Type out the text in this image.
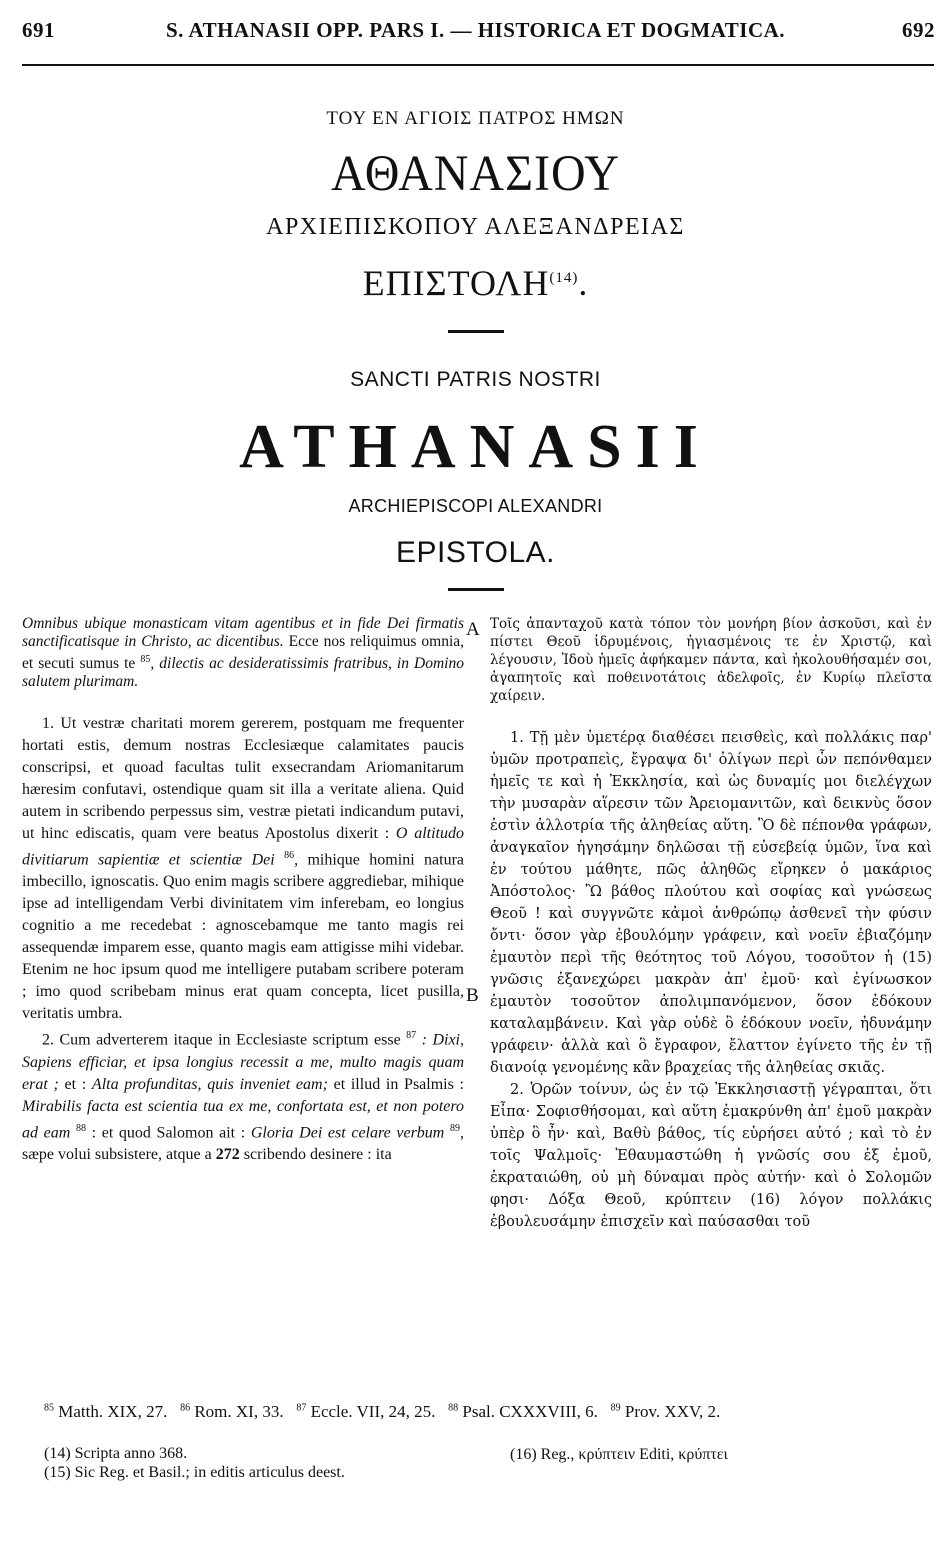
691	S. ATHANASII OPP. PARS I. — HISTORICA ET DOGMATICA.	692
ΤΟΥ ΕΝ ΑΓΙΟΙΣ ΠΑΤΡΟΣ ΗΜΩΝ
ΑΘΑΝΑΣΙΟΥ
ΑΡΧΙΕΠΙΣΚΟΠΟΥ ΑΛΕΞΑΝΔΡΕΙΑΣ
ΕΠΙΣΤΟΛΗ$^{(14)}$.
SANCTI PATRIS NOSTRI
ATHANASII
ARCHIEPISCOPI ALEXANDRI
EPISTOLA.
A
B

Omnibus ubique monasticam vitam agentibus et in fide Dei firmatis sanctificatisque in Christo, ac dicentibus. Ecce nos reliquimus omnia, et secuti sumus te $^{85}$, dilectis ac desideratissimis fratribus, in Domino salutem plurimam.

1. Ut vestræ charitati morem gererem, postquam me frequenter hortati estis, demum nostras Ecclesiæque calamitates paucis conscripsi, et quoad facultas tulit exsecrandam Ariomanitarum hæresim confutavi, ostendique quam sit illa a veritate aliena. Quid autem in scribendo perpessus sim, vestræ pietati indicandum putavi, ut hinc ediscatis, quam vere beatus Apostolus dixerit : O altitudo divitiarum sapientiæ et scientiæ Dei $^{86}$, mihique homini natura imbecillo, ignoscatis. Quo enim magis scribere aggrediebar, mihique ipse ad intelligendam Verbi divinitatem vim inferebam, eo longius cognitio a me recedebat : agnoscebamque me tanto magis rei assequendæ imparem esse, quanto magis eam attigisse mihi videbar. Etenim ne hoc ipsum quod me intelligere putabam scribere poteram ; imo quod scribebam minus erat quam concepta, licet pusilla, veritatis umbra.

2. Cum adverterem itaque in Ecclesiaste scriptum esse $^{87}$ : Dixi, Sapiens efficiar, et ipsa longius recessit a me, multo magis quam erat ; et : Alta profunditas, quis inveniet eam; et illud in Psalmis : Mirabilis facta est scientia tua ex me, confortata est, et non potero ad eam $^{88}$ : et quod Salomon ait : Gloria Dei est celare verbum $^{89}$, sæpe volui subsistere, atque a 272 scribendo desinere : ita

Τοῖς ἀπανταχοῦ κατὰ τόπον τὸν μονήρη βίον ἀσκοῦσι, καὶ ἐν πίστει Θεοῦ ἱδρυμένοις, ἡγιασμένοις τε ἐν Χριστῷ, καὶ λέγουσιν, Ἰδοὺ ἡμεῖς ἀφήκαμεν πάντα, καὶ ἠκολουθήσαμέν σοι, ἀγαπητοῖς καὶ ποθεινοτάτοις ἀδελφοῖς, ἐν Κυρίῳ πλεῖστα χαίρειν.

1. Τῇ μὲν ὑμετέρᾳ διαθέσει πεισθεὶς, καὶ πολλάκις παρ' ὑμῶν προτραπεὶς, ἔγραψα δι' ὀλίγων περὶ ὧν πεπόνθαμεν ἡμεῖς τε καὶ ἡ Ἐκκλησία, καὶ ὡς δυναμίς μοι διελέγχων τὴν μυσαρὰν αἵρεσιν τῶν Ἀρειομανιτῶν, καὶ δεικνὺς ὅσον ἐστὶν ἀλλοτρία τῆς ἀληθείας αὕτη. Ὃ δὲ πέπονθα γράφων, ἀναγκαῖον ἡγησάμην δηλῶσαι τῇ εὐσεβείᾳ ὑμῶν, ἵνα καὶ ἐν τούτου μάθητε, πῶς ἀληθῶς εἴρηκεν ὁ μακάριος Ἀπόστολος· Ὢ βάθος πλούτου καὶ σοφίας καὶ γνώσεως Θεοῦ ! καὶ συγγνῶτε κἀμοὶ ἀνθρώπῳ ἀσθενεῖ τὴν φύσιν ὄντι· ὅσον γὰρ ἐβουλόμην γράφειν, καὶ νοεῖν ἐβιαζόμην ἐμαυτὸν περὶ τῆς θεότητος τοῦ Λόγου, τοσοῦτον ἡ (15) γνῶσις ἐξανεχώρει μακρὰν ἀπ' ἐμοῦ· καὶ ἐγίνωσκον ἐμαυτὸν τοσοῦτον ἀπολιμπανόμενον, ὅσον ἐδόκουν καταλαμβάνειν. Καὶ γὰρ οὐδὲ ὃ ἐδόκουν νοεῖν, ἠδυνάμην γράφειν· ἀλλὰ καὶ ὃ ἔγραφον, ἔλαττον ἐγίνετο τῆς ἐν τῇ διανοίᾳ γενομένης κἂν βραχείας τῆς ἀληθείας σκιᾶς.

2. Ὁρῶν τοίνυν, ὡς ἐν τῷ Ἐκκλησιαστῇ γέγραπται, ὅτι Εἶπα· Σοφισθήσομαι, καὶ αὕτη ἐμακρύνθη ἀπ' ἐμοῦ μακρὰν ὑπὲρ ὃ ἦν· καὶ, Βαθὺ βάθος, τίς εὑρήσει αὐτό ; καὶ τὸ ἐν τοῖς Ψαλμοῖς· Ἐθαυμαστώθη ἡ γνῶσίς σου ἐξ ἐμοῦ, ἐκραταιώθη, οὐ μὴ δύναμαι πρὸς αὐτήν· καὶ ὁ Σολομῶν φησι· Δόξα Θεοῦ, κρύπτειν (16) λόγον πολλάκις ἐβουλευσάμην ἐπισχεῖν καὶ παύσασθαι τοῦ

$^{85}$ Matth. XIX, 27. $^{86}$ Rom. XI, 33. $^{87}$ Eccle. VII, 24, 25. $^{88}$ Psal. CXXXVIII, 6. $^{89}$ Prov. XXV, 2.
(14) Scripta anno 368.
(15) Sic Reg. et Basil.; in editis articulus deest.
(16) Reg., κρύπτειν Editi, κρύπτει
